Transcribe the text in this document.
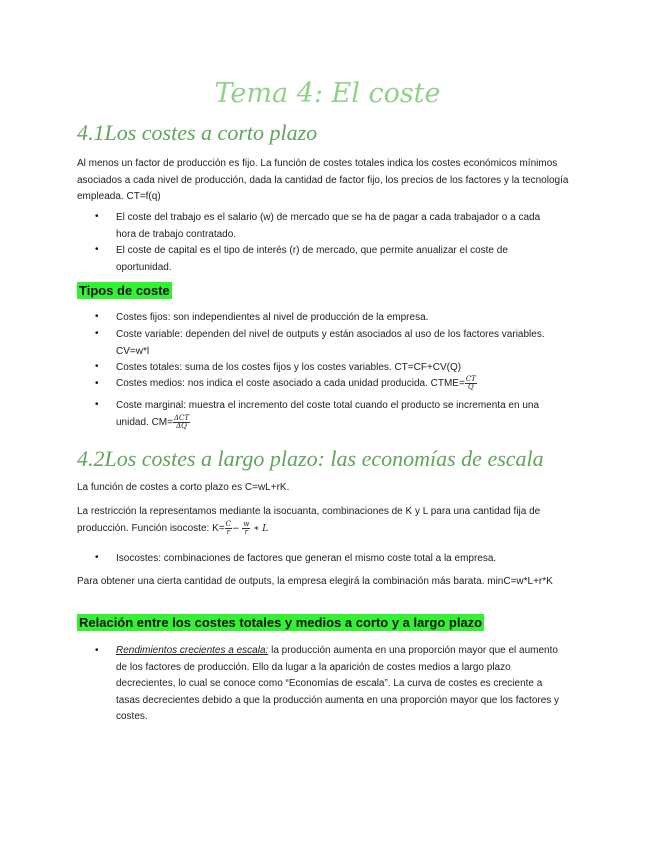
Tema 4: El coste
4.1Los costes a corto plazo
Al menos un factor de producción es fijo. La función de costes totales indica los costes económicos mínimos asociados a cada nivel de producción, dada la cantidad de factor fijo, los precios de los factores y la tecnología empleada. CT=f(q)
• El coste del trabajo es el salario (w) de mercado que se ha de pagar a cada trabajador o a cada hora de trabajo contratado.
• El coste de capital es el tipo de interés (r) de mercado, que permite anualizar el coste de oportunidad.
Tipos de coste
• Costes fijos: son independientes al nivel de producción de la empresa.
• Coste variable: dependen del nivel de outputs y están asociados al uso de los factores variables. CV=w*l
• Costes totales: suma de los costes fijos y los costes variables. CT=CF+CV(Q)
• Costes medios: nos indica el coste asociado a cada unidad producida. CTME= $\frac{CT}{Q}$
• Coste marginal: muestra el incremento del coste total cuando el producto se incrementa en una unidad. $CM= \frac{\text{ΔCT}}{\Delta Q}$
4.2Los costes a largo plazo: las economías de escala
La función de costes a corto plazo es C=wL+rK.
La restricción la representamos mediante la isocuanta, combinaciones de K y L para una cantidad fija de producción. Función isocoste: $K= \frac{C}{r} - \frac{w}{r}$ ∗ L
• Isocostes: combinaciones de factores que generan el mismo coste total a la empresa.
Para obtener una cierta cantidad de outputs, la empresa elegirá la combinación más barata. minC=w*L+r*K
Relación entre los costes totales y medios a corto y a largo plazo
• Rendimientos crecientes a escala: la producción aumenta en una proporción mayor que el aumento de los factores de producción. Ello da lugar a la aparición de costes medios a largo plazo decrecientes, lo cual se conoce como “Economías de escala”. La curva de costes es creciente a tasas decrecientes debido a que la producción aumenta en una proporción mayor que los factores y costes.
